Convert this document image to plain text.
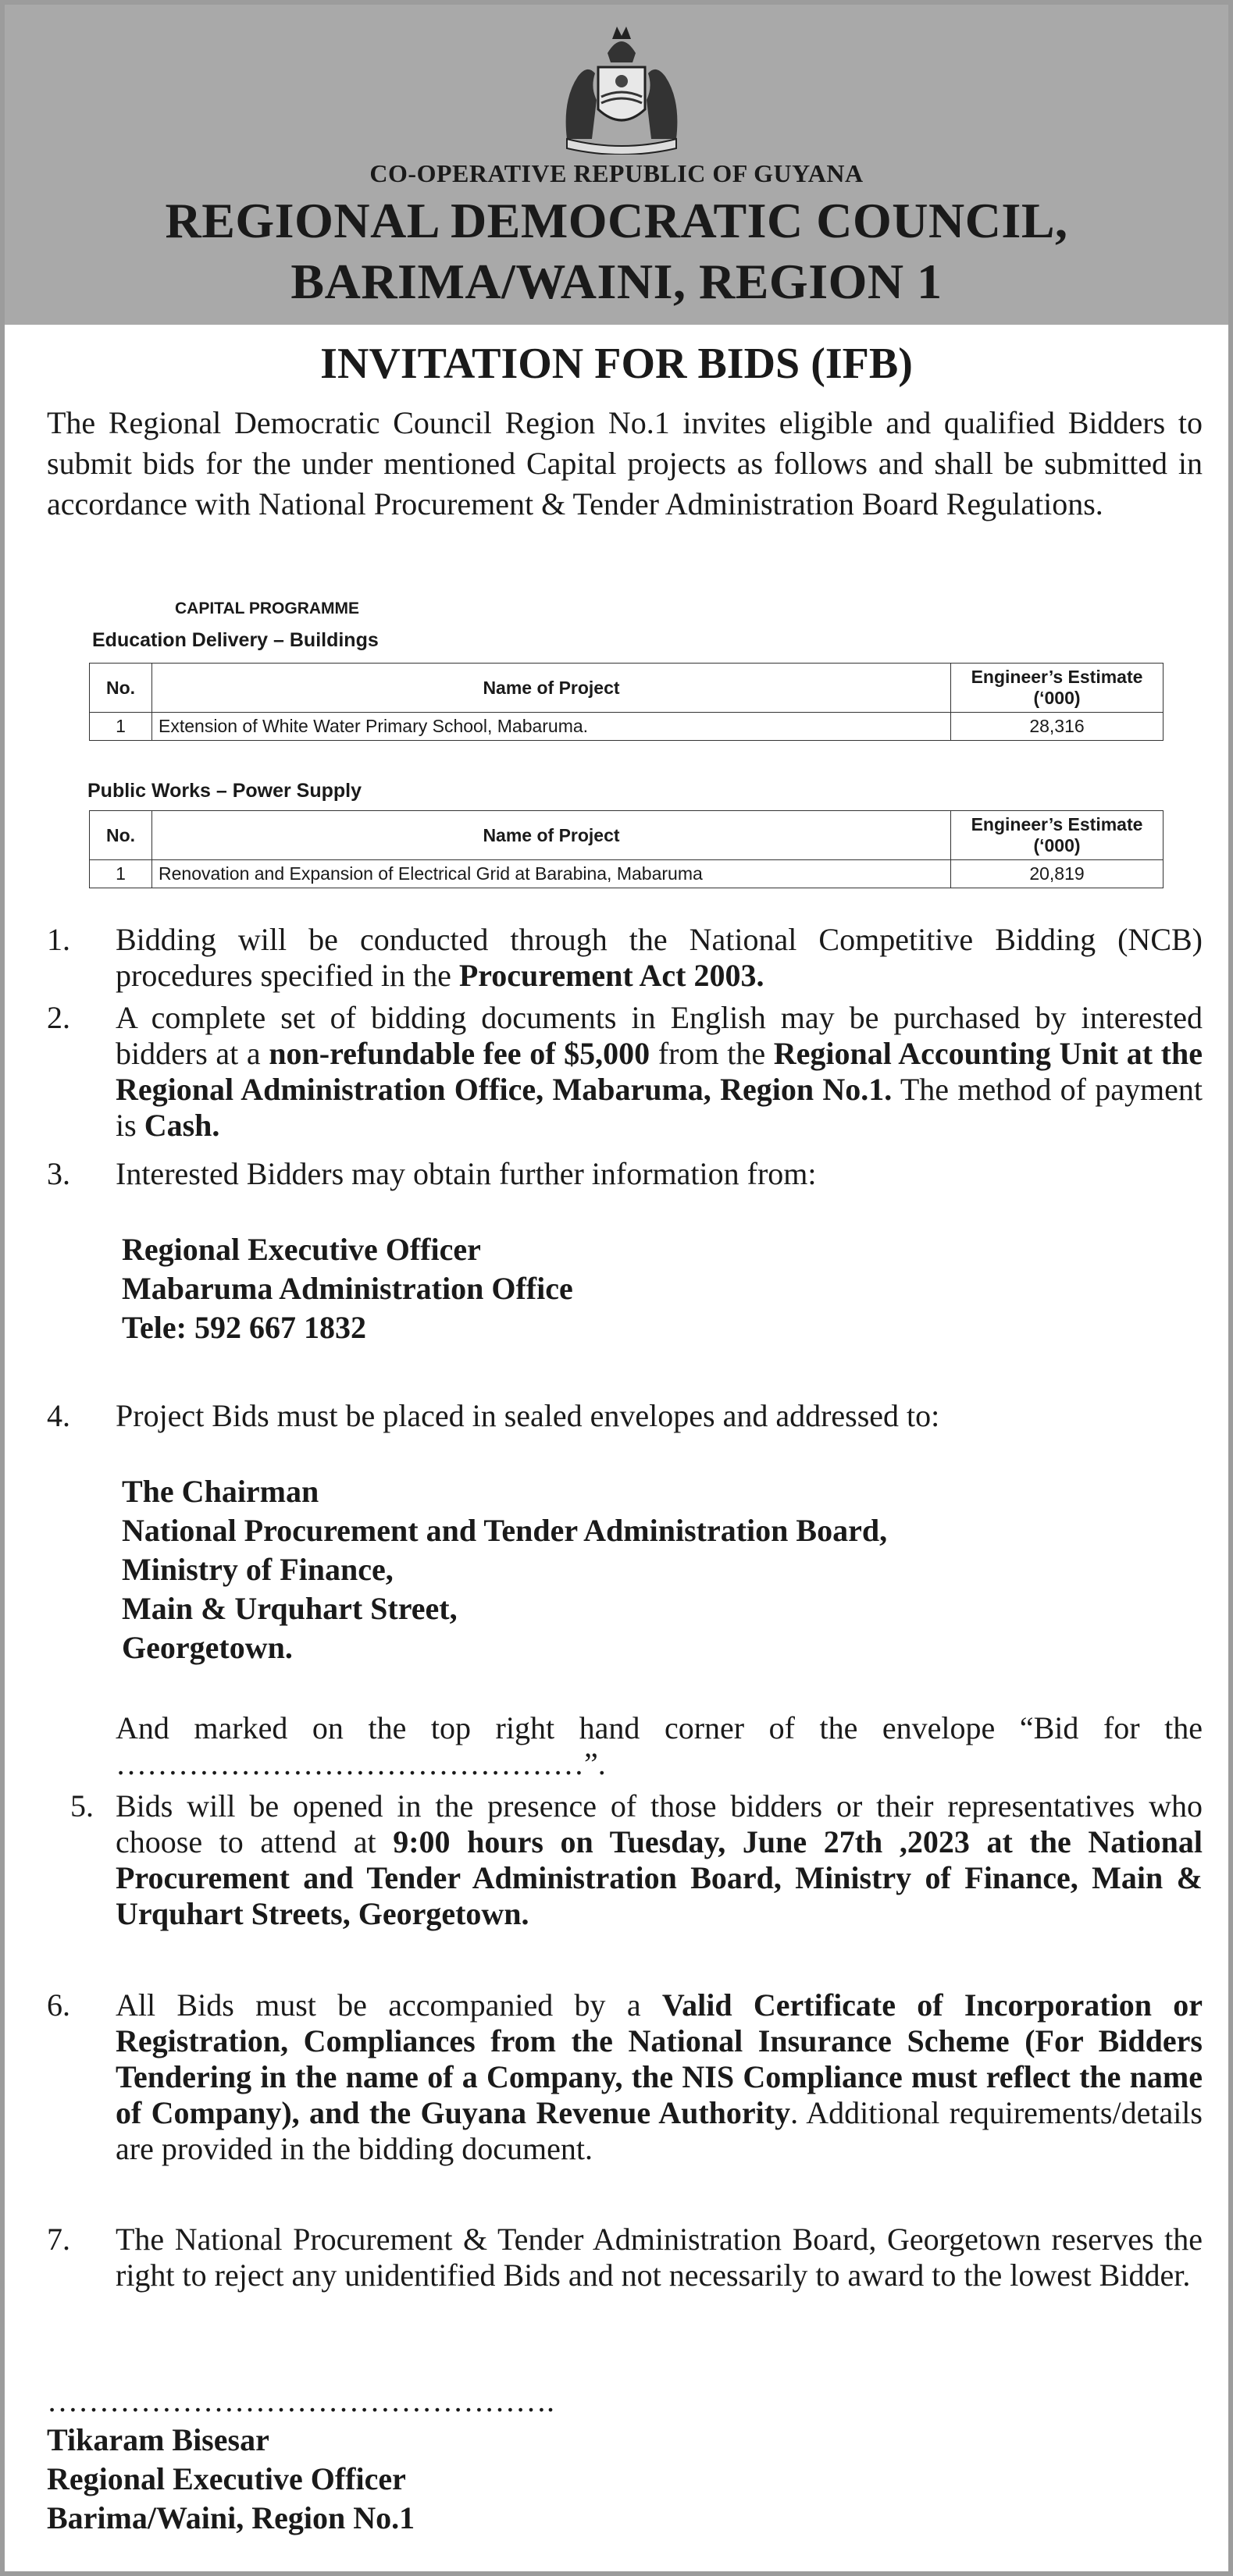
CO-OPERATIVE REPUBLIC OF GUYANA
REGIONAL DEMOCRATIC COUNCIL,
BARIMA/WAINI, REGION 1
INVITATION FOR BIDS (IFB)
The Regional Democratic Council Region No.1 invites eligible and qualified Bidders to submit bids for the under mentioned Capital projects as follows and shall be submitted in accordance with National Procurement & Tender Administration Board Regulations.
CAPITAL PROGRAMME
Education Delivery – Buildings
No.	Name of Project	Engineer’s Estimate
(‘000)
1	Extension of White Water Primary School, Mabaruma.	28,316
Public Works – Power Supply
No.	Name of Project	Engineer’s Estimate
(‘000)
1	Renovation and Expansion of Electrical Grid at Barabina, Mabaruma	20,819
1. Bidding will be conducted through the National Competitive Bidding (NCB) procedures specified in the Procurement Act 2003.
2. A complete set of bidding documents in English may be purchased by interested bidders at a non-refundable fee of $5,000 from the Regional Accounting Unit at the Regional Administration Office, Mabaruma, Region No.1. The method of payment is Cash.
3. Interested Bidders may obtain further information from:
Regional Executive Officer
Mabaruma Administration Office
Tele: 592 667 1832
4. Project Bids must be placed in sealed envelopes and addressed to:
The Chairman
National Procurement and Tender Administration Board,
Ministry of Finance,
Main & Urquhart Street,
Georgetown.
And marked on the top right hand corner of the envelope “Bid for the ………………………………………”.
5. Bids will be opened in the presence of those bidders or their representatives who choose to attend at 9:00 hours on Tuesday, June 27th ,2023 at the National Procurement and Tender Administration Board, Ministry of Finance, Main & Urquhart Streets, Georgetown.
6. All Bids must be accompanied by a Valid Certificate of Incorporation or Registration, Compliances from the National Insurance Scheme (For Bidders Tendering in the name of a Company, the NIS Compliance must reflect the name of Company), and the Guyana Revenue Authority. Additional requirements/details are provided in the bidding document.
7. The National Procurement & Tender Administration Board, Georgetown reserves the right to reject any unidentified Bids and not necessarily to award to the lowest Bidder.
………………………………………….
Tikaram Bisesar
Regional Executive Officer
Barima/Waini, Region No.1
